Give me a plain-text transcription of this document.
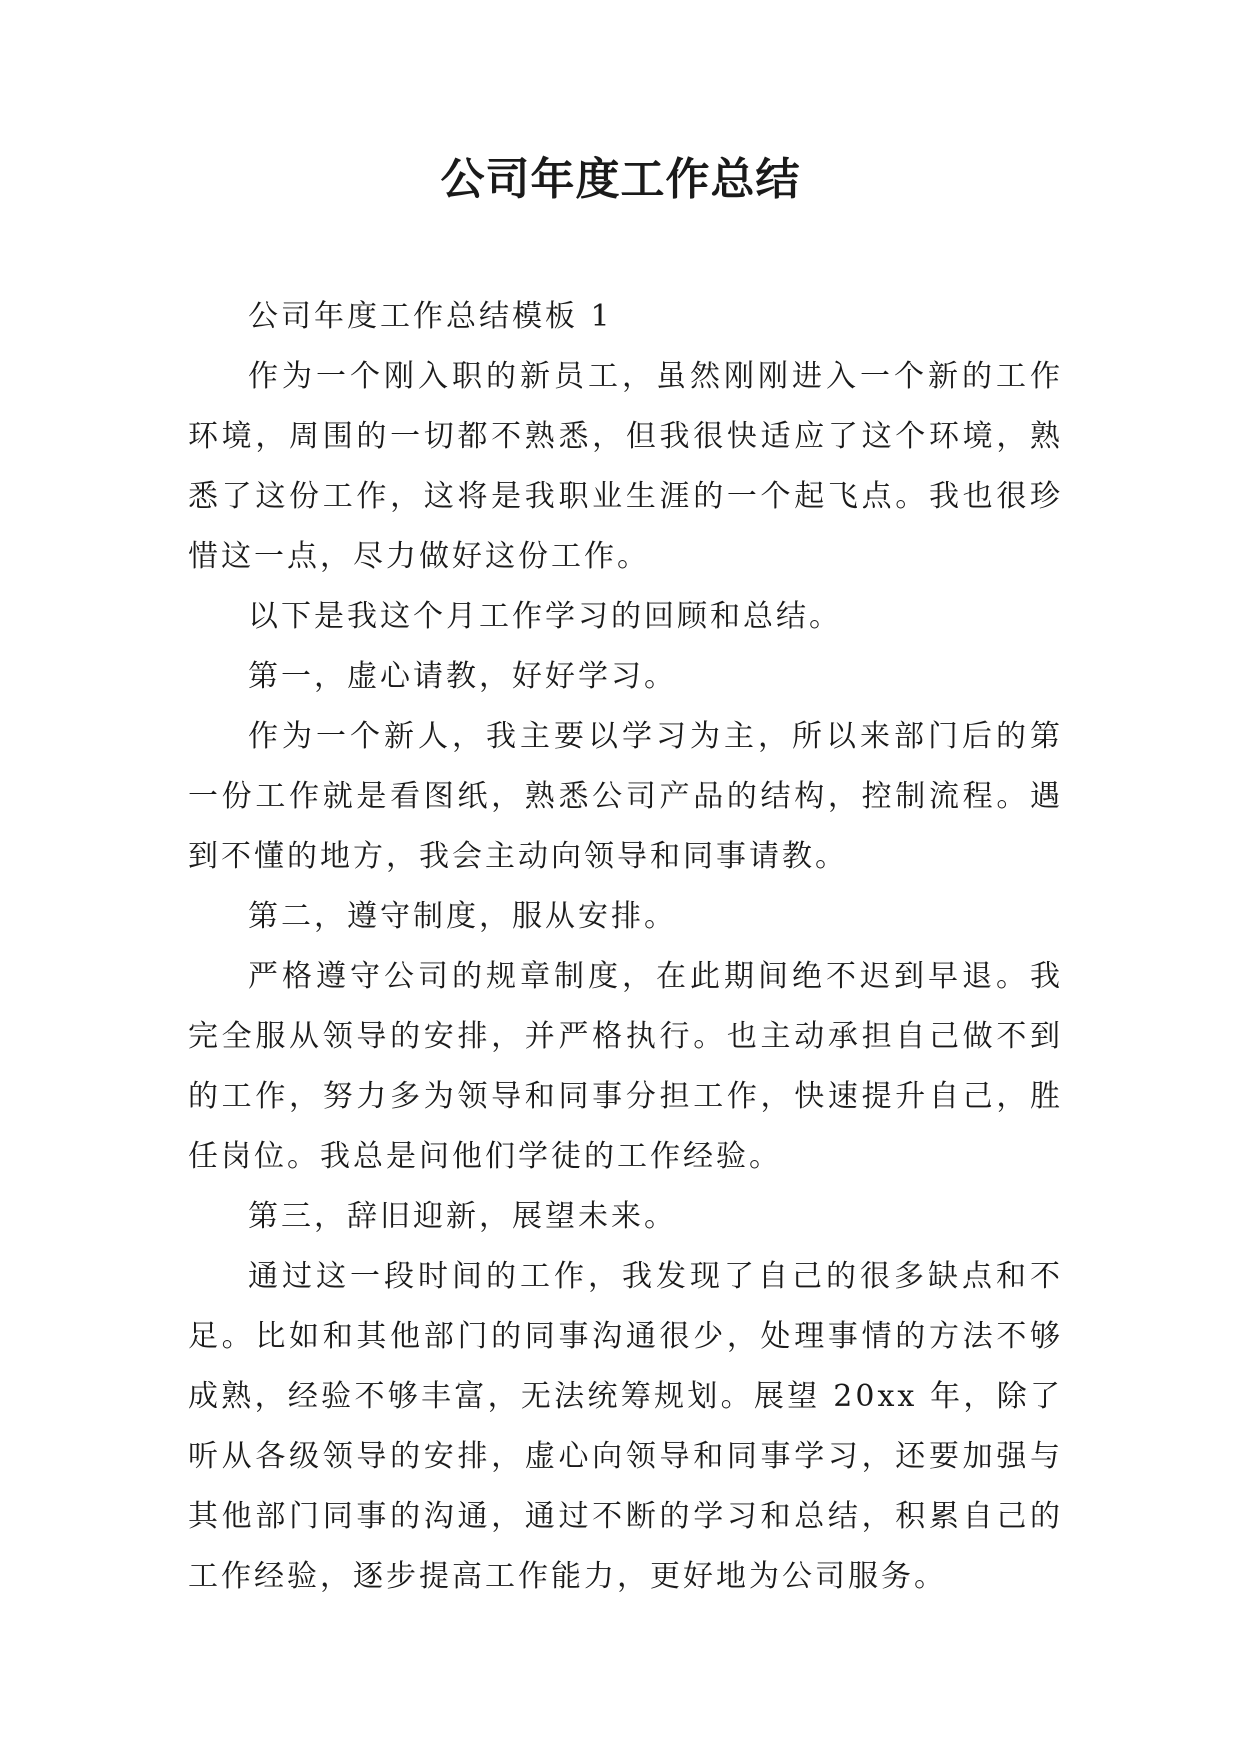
公司年度工作总结

公司年度工作总结模板 1

作为一个刚入职的新员工，虽然刚刚进入一个新的工作环境，周围的一切都不熟悉，但我很快适应了这个环境，熟悉了这份工作，这将是我职业生涯的一个起飞点。我也很珍惜这一点，尽力做好这份工作。

以下是我这个月工作学习的回顾和总结。

第一，虚心请教，好好学习。

作为一个新人，我主要以学习为主，所以来部门后的第一份工作就是看图纸，熟悉公司产品的结构，控制流程。遇到不懂的地方，我会主动向领导和同事请教。

第二，遵守制度，服从安排。

严格遵守公司的规章制度，在此期间绝不迟到早退。我完全服从领导的安排，并严格执行。也主动承担自己做不到的工作，努力多为领导和同事分担工作，快速提升自己，胜任岗位。我总是问他们学徒的工作经验。

第三，辞旧迎新，展望未来。

通过这一段时间的工作，我发现了自己的很多缺点和不足。比如和其他部门的同事沟通很少，处理事情的方法不够成熟，经验不够丰富，无法统筹规划。展望 20xx 年，除了听从各级领导的安排，虚心向领导和同事学习，还要加强与其他部门同事的沟通，通过不断的学习和总结，积累自己的工作经验，逐步提高工作能力，更好地为公司服务。
